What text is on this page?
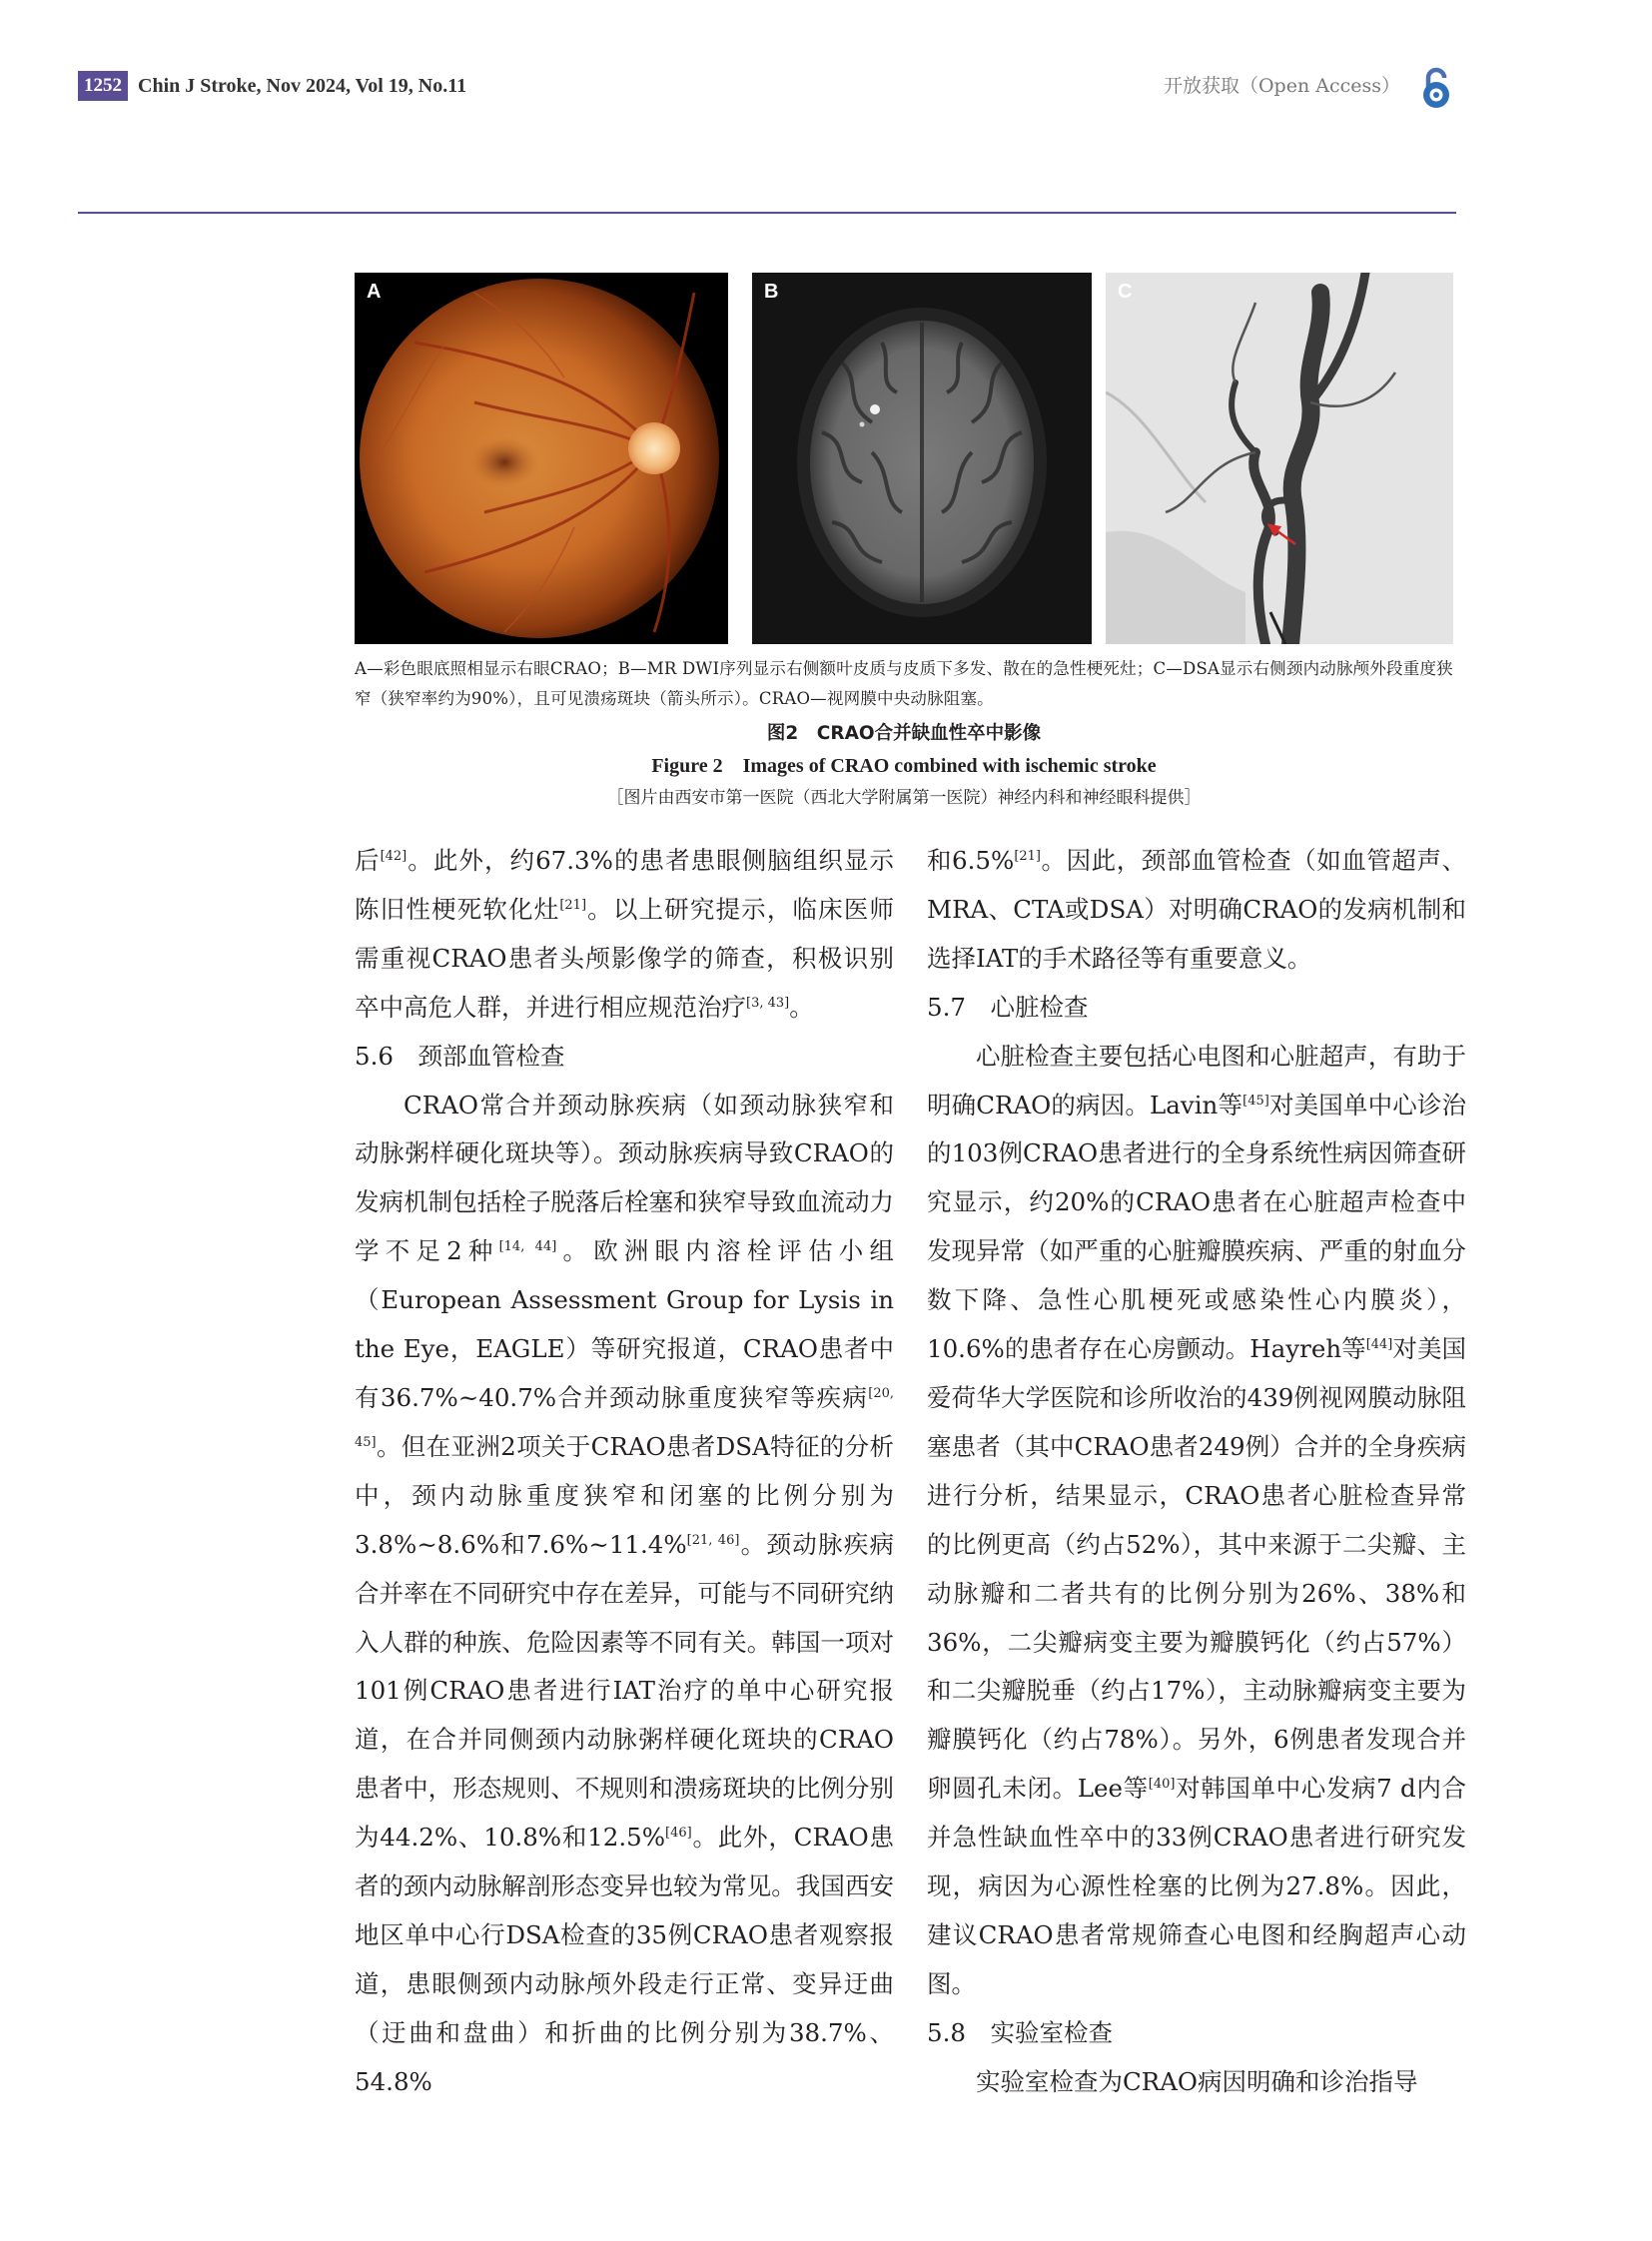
1252 Chin J Stroke, Nov 2024, Vol 19, No.11	开放获取（Open Access）
A	B	C
A—彩色眼底照相显示右眼CRAO；B—MR DWI序列显示右侧额叶皮质与皮质下多发、散在的急性梗死灶；C—DSA显示右侧颈内动脉颅外段重度狭窄（狭窄率约为90%），且可见溃疡斑块（箭头所示）。CRAO—视网膜中央动脉阻塞。
图2　CRAO合并缺血性卒中影像
Figure 2　Images of CRAO combined with ischemic stroke
［图片由西安市第一医院（西北大学附属第一医院）神经内科和神经眼科提供］

后[42]。此外，约67.3%的患者患眼侧脑组织显示陈旧性梗死软化灶[21]。以上研究提示，临床医师需重视CRAO患者头颅影像学的筛查，积极识别卒中高危人群，并进行相应规范治疗[3, 43]。

5.6　颈部血管检查

CRAO常合并颈动脉疾病（如颈动脉狭窄和动脉粥样硬化斑块等）。颈动脉疾病导致CRAO的发病机制包括栓子脱落后栓塞和狭窄导致血流动力学不足2种[14, 44]。欧洲眼内溶栓评估小组（European Assessment Group for Lysis in the Eye，EAGLE）等研究报道，CRAO患者中有36.7%~40.7%合并颈动脉重度狭窄等疾病[20, 45]。但在亚洲2项关于CRAO患者DSA特征的分析中，颈内动脉重度狭窄和闭塞的比例分别为3.8%~8.6%和7.6%~11.4%[21, 46]。颈动脉疾病合并率在不同研究中存在差异，可能与不同研究纳入人群的种族、危险因素等不同有关。韩国一项对101例CRAO患者进行IAT治疗的单中心研究报道，在合并同侧颈内动脉粥样硬化斑块的CRAO患者中，形态规则、不规则和溃疡斑块的比例分别为44.2%、10.8%和12.5%[46]。此外，CRAO患者的颈内动脉解剖形态变异也较为常见。我国西安地区单中心行DSA检查的35例CRAO患者观察报道，患眼侧颈内动脉颅外段走行正常、变异迂曲（迂曲和盘曲）和折曲的比例分别为38.7%、54.8%

和6.5%[21]。因此，颈部血管检查（如血管超声、MRA、CTA或DSA）对明确CRAO的发病机制和选择IAT的手术路径等有重要意义。

5.7　心脏检查

心脏检查主要包括心电图和心脏超声，有助于明确CRAO的病因。Lavin等[45]对美国单中心诊治的103例CRAO患者进行的全身系统性病因筛查研究显示，约20%的CRAO患者在心脏超声检查中发现异常（如严重的心脏瓣膜疾病、严重的射血分数下降、急性心肌梗死或感染性心内膜炎），10.6%的患者存在心房颤动。Hayreh等[44]对美国爱荷华大学医院和诊所收治的439例视网膜动脉阻塞患者（其中CRAO患者249例）合并的全身疾病进行分析，结果显示，CRAO患者心脏检查异常的比例更高（约占52%），其中来源于二尖瓣、主动脉瓣和二者共有的比例分别为26%、38%和36%，二尖瓣病变主要为瓣膜钙化（约占57%）和二尖瓣脱垂（约占17%），主动脉瓣病变主要为瓣膜钙化（约占78%）。另外，6例患者发现合并卵圆孔未闭。Lee等[40]对韩国单中心发病7 d内合并急性缺血性卒中的33例CRAO患者进行研究发现，病因为心源性栓塞的比例为27.8%。因此，建议CRAO患者常规筛查心电图和经胸超声心动图。

5.8　实验室检查

实验室检查为CRAO病因明确和诊治指导
